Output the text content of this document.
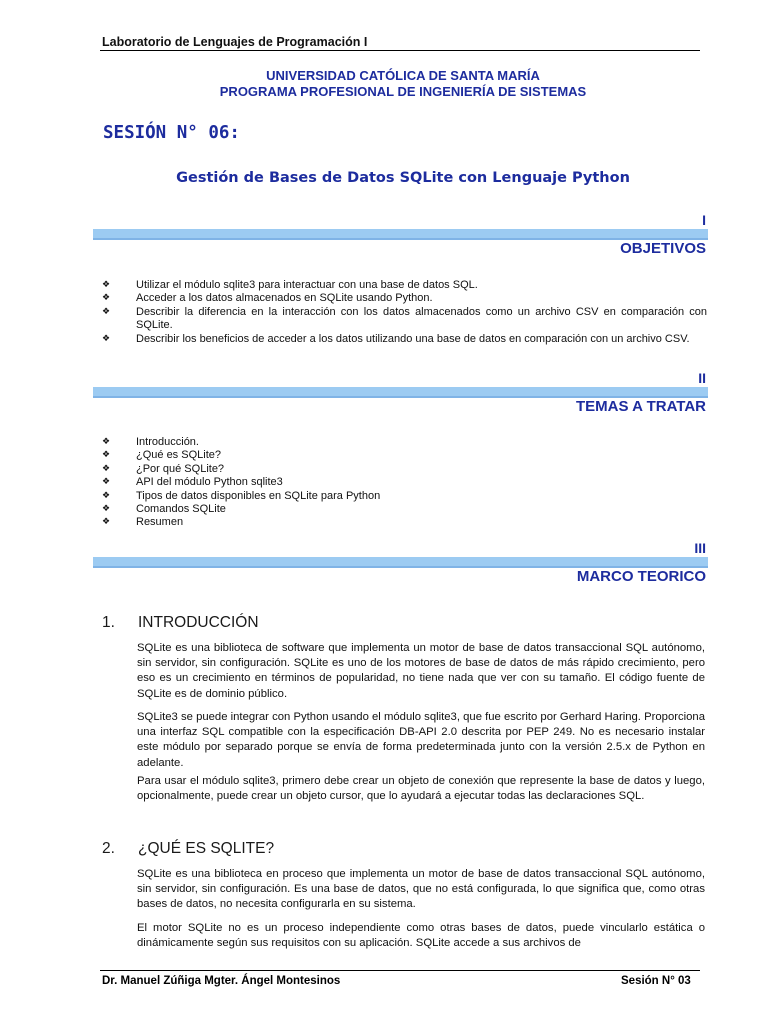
Laboratorio de Lenguajes de Programación I
UNIVERSIDAD CATÓLICA DE SANTA MARÍA
PROGRAMA PROFESIONAL DE INGENIERÍA DE SISTEMAS
SESIÓN N° 06:
Gestión de Bases de Datos SQLite con Lenguaje Python
I
OBJETIVOS
❖ Utilizar el módulo sqlite3 para interactuar con una base de datos SQL.
❖ Acceder a los datos almacenados en SQLite usando Python.
❖ Describir la diferencia en la interacción con los datos almacenados como un archivo CSV en comparación con SQLite.
❖ Describir los beneficios de acceder a los datos utilizando una base de datos en comparación con un archivo CSV.
II
TEMAS A TRATAR
❖ Introducción.
❖ ¿Qué es SQLite?
❖ ¿Por qué SQLite?
❖ API del módulo Python sqlite3
❖ Tipos de datos disponibles en SQLite para Python
❖ Comandos SQLite
❖ Resumen
III
MARCO TEORICO
1. INTRODUCCIÓN

SQLite es una biblioteca de software que implementa un motor de base de datos transaccional SQL autónomo, sin servidor, sin configuración. SQLite es uno de los motores de base de datos de más rápido crecimiento, pero eso es un crecimiento en términos de popularidad, no tiene nada que ver con su tamaño. El código fuente de SQLite es de dominio público.

SQLite3 se puede integrar con Python usando el módulo sqlite3, que fue escrito por Gerhard Haring. Proporciona una interfaz SQL compatible con la especificación DB-API 2.0 descrita por PEP 249. No es necesario instalar este módulo por separado porque se envía de forma predeterminada junto con la versión 2.5.x de Python en adelante.

Para usar el módulo sqlite3, primero debe crear un objeto de conexión que represente la base de datos y luego, opcionalmente, puede crear un objeto cursor, que lo ayudará a ejecutar todas las declaraciones SQL.

2. ¿QUÉ ES SQLITE?

SQLite es una biblioteca en proceso que implementa un motor de base de datos transaccional SQL autónomo, sin servidor, sin configuración. Es una base de datos, que no está configurada, lo que significa que, como otras bases de datos, no necesita configurarla en su sistema.

El motor SQLite no es un proceso independiente como otras bases de datos, puede vincularlo estática o dinámicamente según sus requisitos con su aplicación. SQLite accede a sus archivos de

Dr. Manuel Zúñiga Mgter. Ángel Montesinos	Sesión N° 03
